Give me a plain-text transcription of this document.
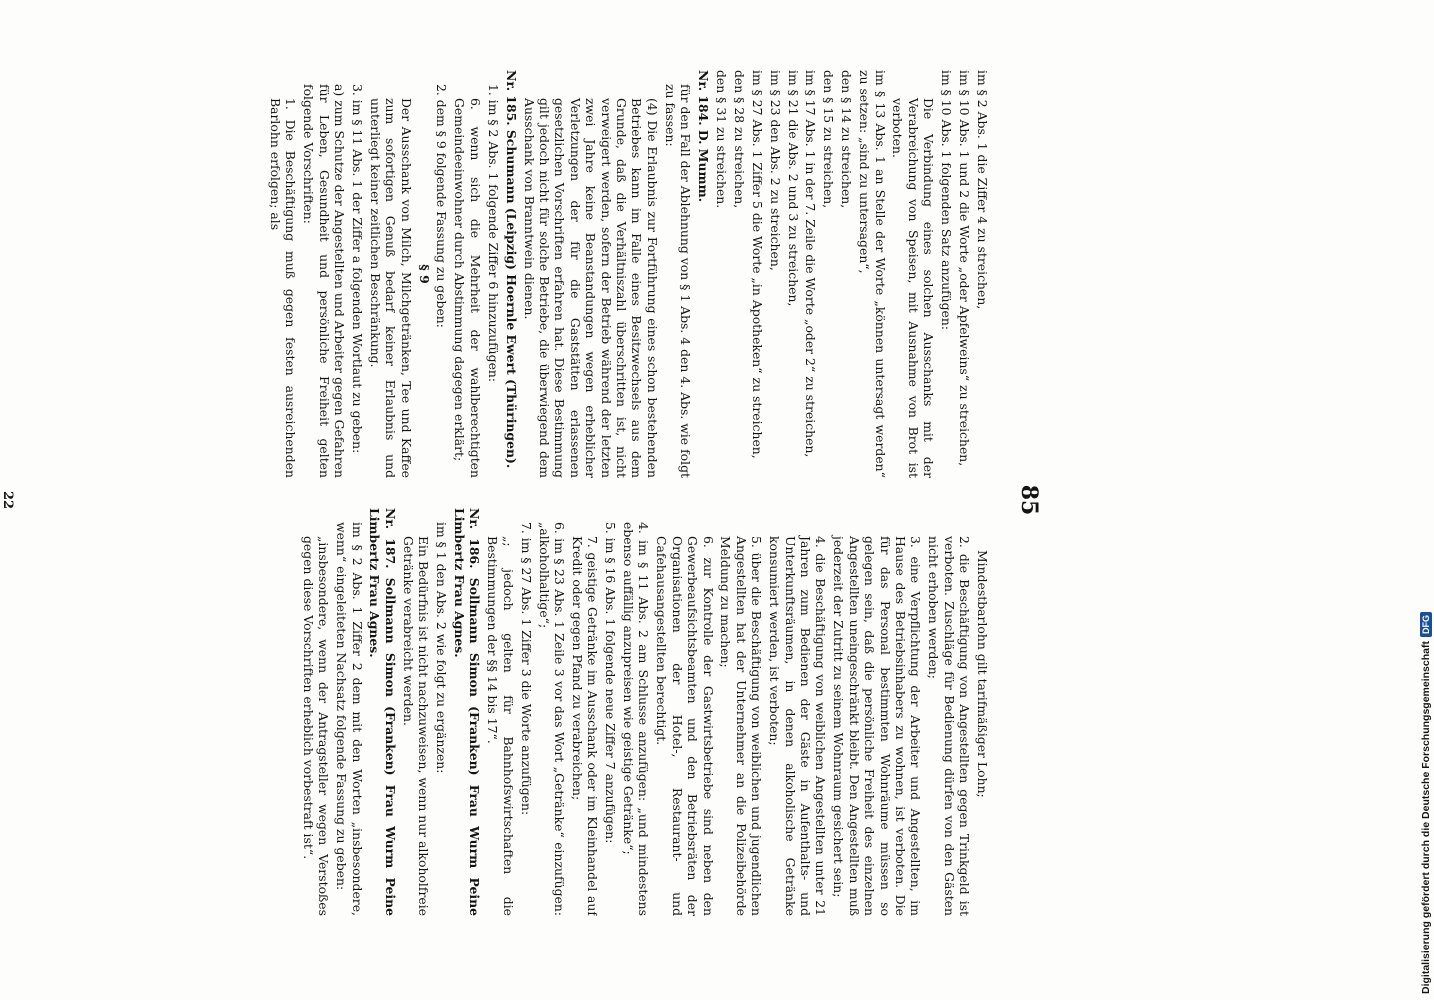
85

im § 2 Abs. 1 die Ziffer 4 zu streichen,

im § 10 Abs. 1 und 2 die Worte „oder Apfelweins“ zu streichen,

im § 10 Abs. 1 folgenden Satz anzufügen:

Die Verbindung eines solchen Ausschanks mit der Verabreichung von Speisen, mit Ausnahme von Brot ist verboten.

im § 13 Abs. 1 an Stelle der Worte „können untersagt werden“ zu setzen: „sind zu untersagen“,

den § 14 zu streichen,

den § 15 zu streichen,

im § 17 Abs. 1 in der 7. Zeile die Worte „oder 2“ zu streichen,

im § 21 die Abs. 2 und 3 zu streichen,

im § 23 den Abs. 2 zu streichen,

im § 27 Abs. 1 Ziffer 5 die Worte „in Apotheken“ zu streichen,

den § 28 zu streichen,

den § 31 zu streichen.

Nr. 184. D. Mumm.

für den Fall der Ablehnung von § 1 Abs. 4 den 4. Abs. wie folgt zu fassen:

(4) Die Erlaubnis zur Fortführung eines schon bestehenden Betriebes kann im Falle eines Besitzwechsels aus dem Grunde, daß die Verhältniszahl überschritten ist, nicht verweigert werden, sofern der Betrieb während der letzten zwei Jahre keine Beanstandungen wegen erheblicher Verletzungen der für die Gaststätten erlassenen gesetzlichen Vorschriften erfahren hat. Diese Bestimmung gilt jedoch nicht für solche Betriebe, die überwiegend dem Ausschank von Branntwein dienen.

Nr. 185. Schumann (Leipzig) Hoernle Ewert (Thüringen).

1. im § 2 Abs. 1 folgende Ziffer 6 hinzuzufügen:

6. wenn sich die Mehrheit der wahlberechtigten Gemeindeeinwohner durch Abstimmung dagegen erklärt;

2. dem § 9 folgende Fassung zu geben:

§ 9

Der Ausschank von Milch, Milchgetränken, Tee und Kaffee zum sofortigen Genuß bedarf keiner Erlaubnis und unterliegt keiner zeitlichen Beschränkung.

3. im § 11 Abs. 1 der Ziffer a folgenden Wortlaut zu geben:

a) zum Schutze der Angestellten und Arbeiter gegen Gefahren für Leben, Gesundheit und persönliche Freiheit gelten folgende Vorschriften:

1. Die Beschäftigung muß gegen festen ausreichenden Barlohn erfolgen; als

Mindestbarlohn gilt tarifmäßiger Lohn;

2. die Beschäftigung von Angestellten gegen Trinkgeld ist verboten. Zuschläge für Bedienung dürfen von den Gästen nicht erhoben werden;

3. eine Verpflichtung der Arbeiter und Angestellten, im Hause des Betriebsinhabers zu wohnen, ist verboten. Die für das Personal bestimmten Wohnräume müssen so gelegen sein, daß die persönliche Freiheit des einzelnen Angestellten uneingeschränkt bleibt. Den Angestellten muß jederzeit der Zutritt zu seinem Wohnraum gesichert sein;

4. die Beschäftigung von weiblichen Angestellten unter 21 Jahren zum Bedienen der Gäste in Aufenthalts- und Unterkunftsräumen, in denen alkoholische Getränke konsumiert werden, ist verboten;

5. über die Beschäftigung von weiblichen und jugendlichen Angestellten hat der Unternehmer an die Polizeibehörde Meldung zu machen;

6. zur Kontrolle der Gastwirtsbetriebe sind neben den Gewerbeaufsichtsbeamten und den Betriebsräten der Organisationen der Hotel-, Restaurant- und Cafehausangestellten berechtigt.

4. im § 11 Abs. 2 am Schlusse anzufügen: „und mindestens ebenso auffällig anzupreisen wie geistige Getränke“;

5. im § 16 Abs. 1 folgende neue Ziffer 7 anzufügen:

7. geistige Getränke im Ausschank oder im Kleinhandel auf Kredit oder gegen Pfand zu verabreichen;

6. im § 23 Abs. 1 Zeile 3 vor das Wort „Getränke“ einzufügen: „alkoholhaltige“;

7. im § 27 Abs. 1 Ziffer 3 die Worte anzufügen:

„; jedoch gelten für Bahnhofswirtschaften die Bestimmungen der §§ 14 bis 17“.

Nr. 186. Sollmann Simon (Franken) Frau Wurm Peine Limbertz Frau Agnes.

im § 1 den Abs. 2 wie folgt zu ergänzen:

Ein Bedürfnis ist nicht nachzuweisen, wenn nur alkoholfreie Getränke verabreicht werden.

Nr. 187. Sollmann Simon (Franken) Frau Wurm Peine Limbertz Frau Agnes.

im § 2 Abs. 1 Ziffer 2 dem mit den Worten „insbesondere, wenn“ eingeleiteten Nachsatz folgende Fassung zu geben:

„insbesondere, wenn der Antragsteller wegen Verstoßes gegen diese Vorschriften erheblich vorbestraft ist“.

22
Digitalisierung gefördert durch die Deutsche Forschungsgemeinschaft
DFG
